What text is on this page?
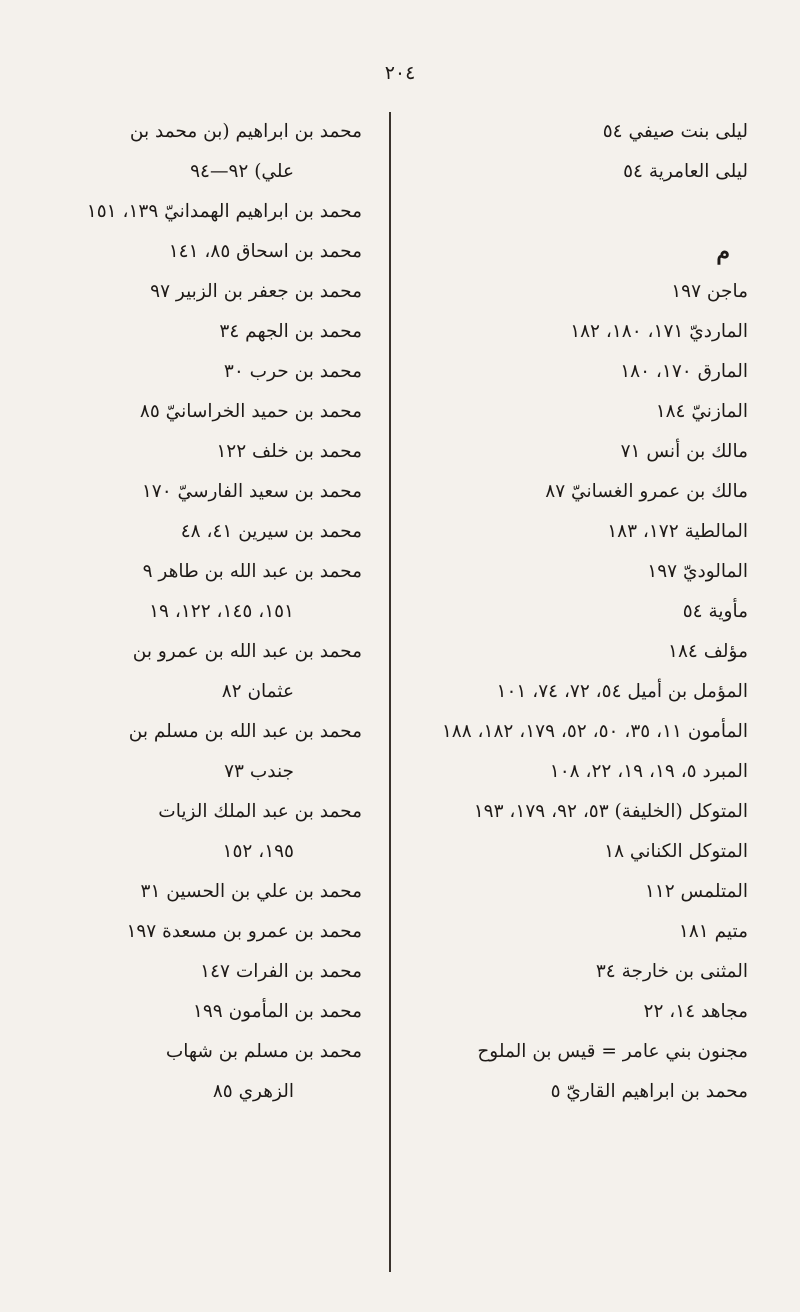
٢٠٤
ليلى بنت صيفي ٥٤
ليلى العامرية ٥٤
م
ماجن ١٩٧
المارديّ ١٧١، ١٨٠، ١٨٢
المارق ١٧٠، ١٨٠
المازنيّ ١٨٤
مالك بن أنس ٧١
مالك بن عمرو الغسانيّ ٨٧
المالطية ١٧٢، ١٨٣
المالوديّ ١٩٧
مأوية ٥٤
مؤلف ١٨٤
المؤمل بن أميل ٥٤، ٧٢، ٧٤، ١٠١
المأمون ١١، ٣٥، ٥٠، ٥٢، ١٧٩، ١٨٢، ١٨٨
المبرد ٥، ١٩، ١٩، ٢٢، ١٠٨
المتوكل (الخليفة) ٥٣، ٩٢، ١٧٩، ١٩٣
المتوكل الكناني ١٨
المتلمس ١١٢
متيم ١٨١
المثنى بن خارجة ٣٤
مجاهد ١٤، ٢٢
مجنون بني عامر = قيس بن الملوح
محمد بن ابراهيم القاريّ ٥
محمد بن ابراهيم (بن محمد بن
علي) ٩٢—٩٤
محمد بن ابراهيم الهمدانيّ ١٣٩، ١٥١
محمد بن اسحاق ٨٥، ١٤١
محمد بن جعفر بن الزبير ٩٧
محمد بن الجهم ٣٤
محمد بن حرب ٣٠
محمد بن حميد الخراسانيّ ٨٥
محمد بن خلف ١٢٢
محمد بن سعيد الفارسيّ ١٧٠
محمد بن سيرين ٤١، ٤٨
محمد بن عبد الله بن طاهر ٩
١٥١، ١٤٥، ١٢٢، ١٩
محمد بن عبد الله بن عمرو بن
عثمان ٨٢
محمد بن عبد الله بن مسلم بن
جندب ٧٣
محمد بن عبد الملك الزيات
١٩٥، ١٥٢
محمد بن علي بن الحسين ٣١
محمد بن عمرو بن مسعدة ١٩٧
محمد بن الفرات ١٤٧
محمد بن المأمون ١٩٩
محمد بن مسلم بن شهاب
الزهري ٨٥
